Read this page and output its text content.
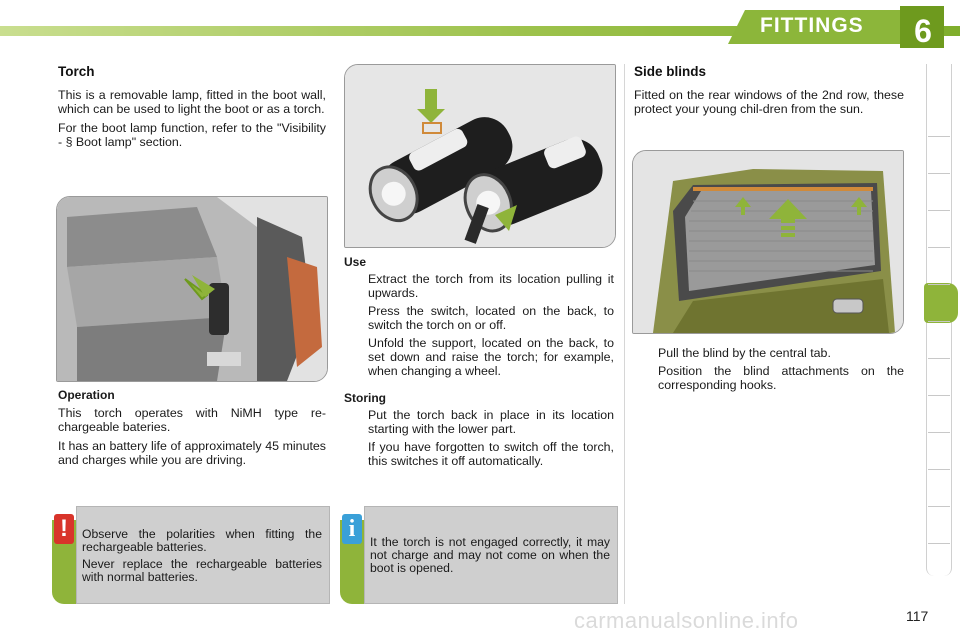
FITTINGS 6
Torch

This is a removable lamp, fitted in the boot wall, which can be used to light the boot or as a torch.

For the boot lamp function, refer to the "Visibility - § Boot lamp" section.

Operation

This torch operates with NiMH type re-chargeable bateries.

It has an battery life of approximately 45 minutes and charges while you are driving.

!	Observe the polarities when fitting the rechargeable batteries.

Never replace the rechargeable batteries with normal batteries.

Use
Extract the torch from its location pulling it upwards.
Press the switch, located on the back, to switch the torch on or off.
Unfold the support, located on the back, to set down and raise the torch; for example, when changing a wheel.
Storing
Put the torch back in place in its location starting with the lower part.
If you have forgotten to switch off the torch, this switches it off automatically.
i	It the torch is not engaged correctly, it may not charge and may not come on when the boot is opened.
Side blinds
Fitted on the rear windows of the 2nd row, these protect your young chil-dren from the sun.
Pull the blind by the central tab.
Position the blind attachments on the corresponding hooks.
117
carmanualsonline.info
